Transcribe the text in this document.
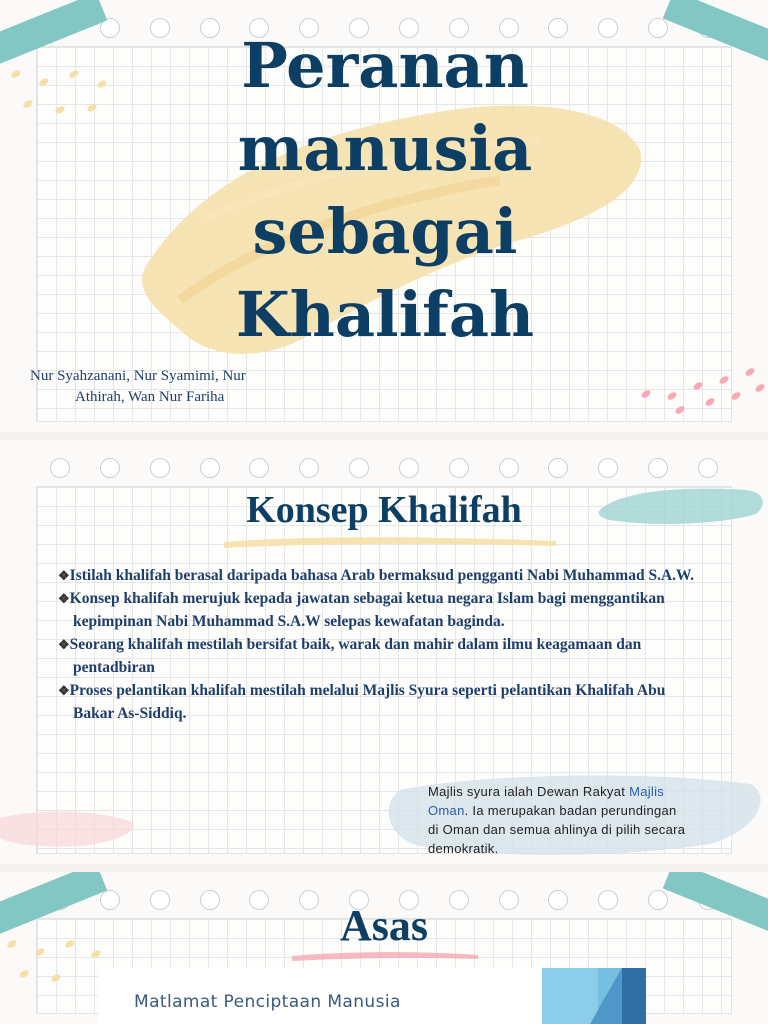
Peranan
manusia
sebagai
Khalifah
Nur Syahzanani, Nur Syamimi, Nur
Athirah, Wan Nur Fariha
Konsep Khalifah
❖Istilah khalifah berasal daripada bahasa Arab bermaksud pengganti Nabi Muhammad S.A.W.
❖Konsep khalifah merujuk kepada jawatan sebagai ketua negara Islam bagi menggantikan kepimpinan Nabi Muhammad S.A.W selepas kewafatan baginda.
❖Seorang khalifah mestilah bersifat baik, warak dan mahir dalam ilmu keagamaan dan pentadbiran
❖Proses pelantikan khalifah mestilah melalui Majlis Syura seperti pelantikan Khalifah Abu Bakar As-Siddiq.
Majlis syura ialah Dewan Rakyat Majlis Oman. Ia merupakan badan perundingan di Oman dan semua ahlinya di pilih secara demokratik.
Asas
Matlamat Penciptaan Manusia
